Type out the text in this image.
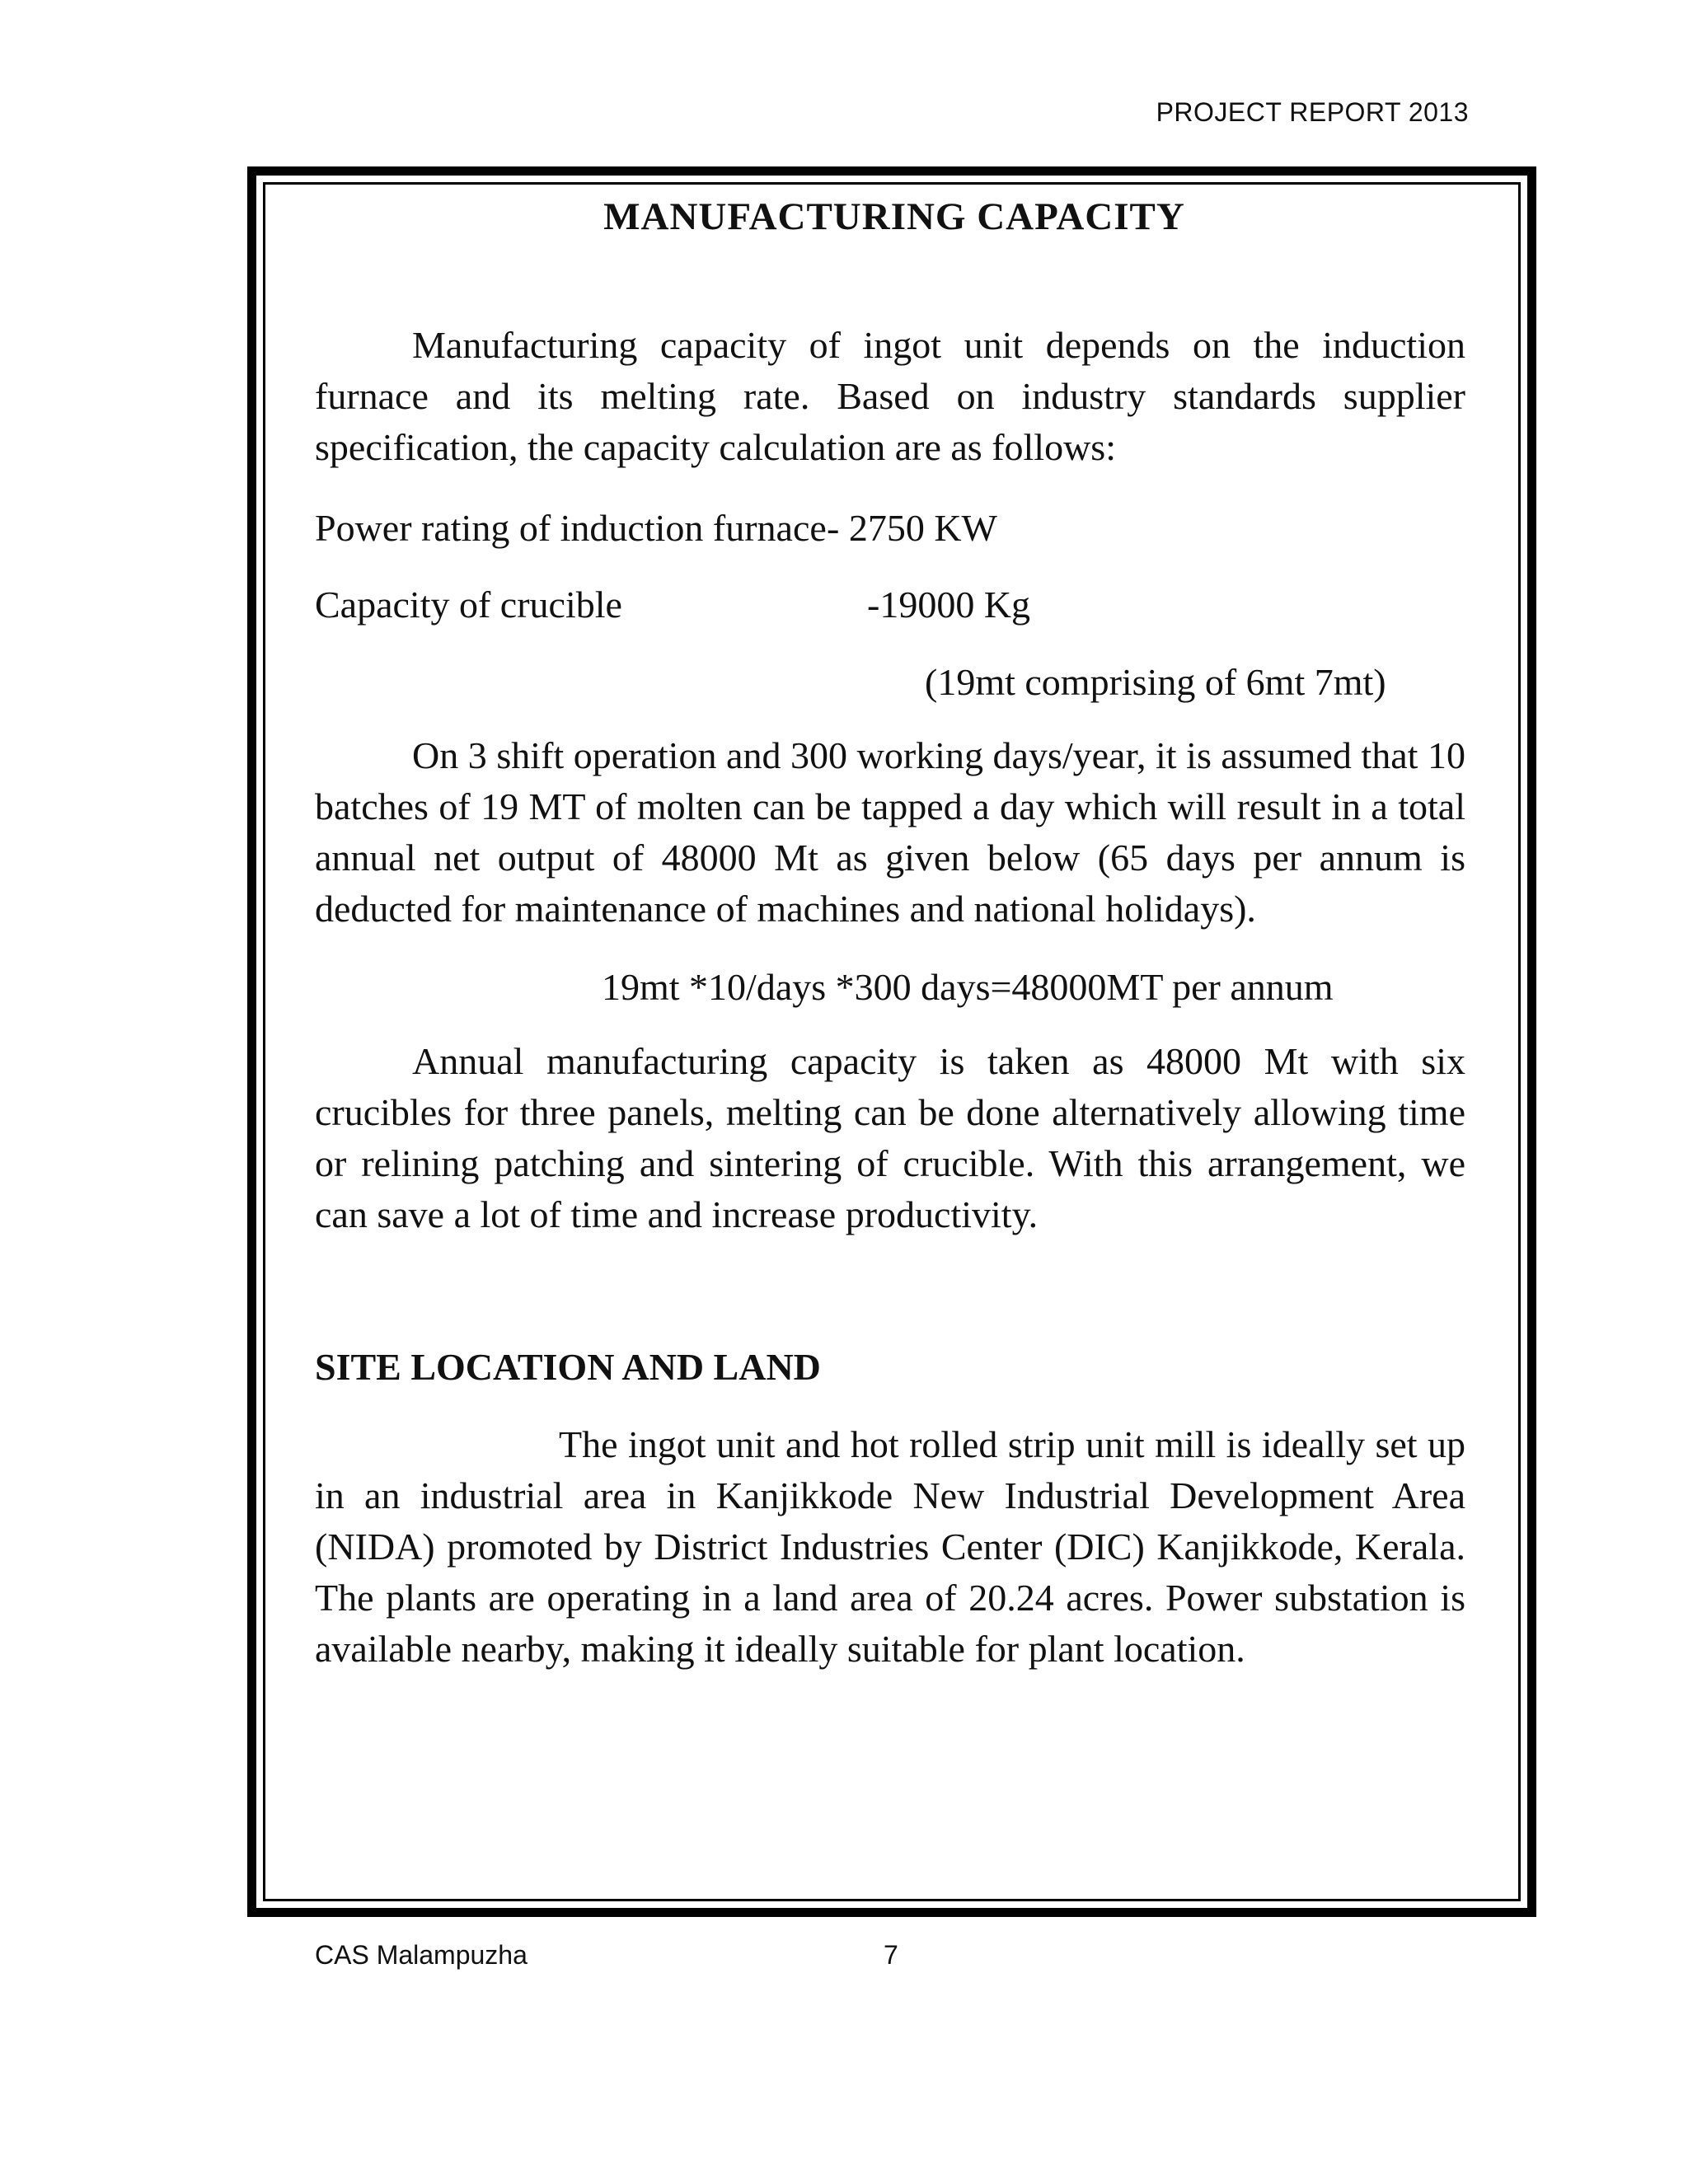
PROJECT REPORT 2013
MANUFACTURING CAPACITY

Manufacturing capacity of ingot unit depends on the induction furnace and its melting rate. Based on industry standards supplier specification, the capacity calculation are as follows:

Power rating of induction furnace - 2750 KW
Capacity of crucible	-19000 Kg
(19mt comprising of 6mt 7mt)

On 3 shift operation and 300 working days/year, it is assumed that 10 batches of 19 MT of molten can be tapped a day which will result in a total annual net output of 48000 Mt as given below (65 days per annum is deducted for maintenance of machines and national holidays).

19mt *10/days *300 days=48000MT per annum

Annual manufacturing capacity is taken as 48000 Mt with six crucibles for three panels, melting can be done alternatively allowing time or relining patching and sintering of crucible. With this arrangement, we can save a lot of time and increase productivity.

SITE LOCATION AND LAND

The ingot unit and hot rolled strip unit mill is ideally set up in an industrial area in Kanjikkode New Industrial Development Area (NIDA) promoted by District Industries Center (DIC) Kanjikkode, Kerala. The plants are operating in a land area of 20.24 acres. Power substation is available nearby, making it ideally suitable for plant location.

CAS Malampuzha	7
